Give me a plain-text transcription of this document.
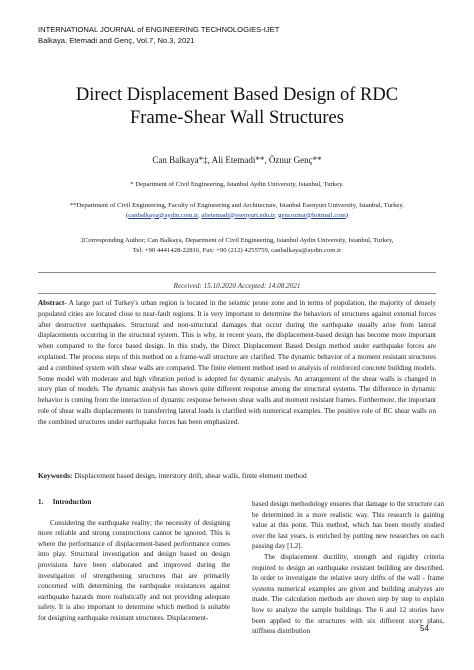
INTERNATIONAL JOURNAL of ENGINEERING TECHNOLOGIES-IJET
Balkaya, Etemadi and Genç, Vol.7, No.3, 2021
Direct Displacement Based Design of RDC
Frame-Shear Wall Structures
Can Balkaya*‡, Ali Etemadi**, Öznur Genç**
* Department of Civil Engineering, Istanbul Aydin University, Istanbul, Turkey.
**Department of Civil Engineering, Faculty of Engineering and Architecture, Istanbul Esenyurt University, Istanbul, Turkey.
(canbalkaya@aydin.com.tr, alietemadi@esenyurt.edu.tr, gencoznur@hotmail.com)
‡Corresponding Author; Can Balkaya, Department of Civil Engineering, Istanbul Aydin University, Istanbul, Turkey,
Tel: +90 4441428-22816, Fax: +90 (212) 4255759, canbalkaya@aydin.com.tr
Received: 15.10.2020 Accepted: 14.08.2021
Abstract- A large part of Turkey's urban region is located in the seismic prone zone and in terms of population, the majority of densely populated cities are located close to near-fault regions. It is very important to determine the behaviors of structures against external forces after destructive earthquakes. Structural and non-structural damages that occur during the earthquake usually arise from lateral displacements occurring in the structural system. This is why, in recent years, the displacement-based design has become more important when compared to the force based design. In this study, the Direct Displacement Based Design method under earthquake forces are explained. The process steps of this method on a frame-wall structure are clarified. The dynamic behavior of a moment resistant structures and a combined system with shear walls are compared. The finite element method used to analysis of reinforced concrete building models. Some model with moderate and high vibration period is adopted for dynamic analysis. An arrangement of the shear walls is changed in story plan of models. The dynamic analysis has shown quite different response among the structural systems. The difference in dynamic behavior is coming from the interaction of dynamic response between shear walls and moment resistant frames. Furthermore, the important role of shear walls displacements in transferring lateral loads is clarified with numerical examples. The positive role of RC shear walls on the combined structures under earthquake forces has been emphasized.
Keywords: Displacement based design, interstory drift, shear walls, finite element method
1. Introduction

Considering the earthquake reality; the necessity of designing more reliable and strong constructions cannot be ignored. This is where the performance of displacement-based performance comes into play. Structural investigation and design based on design provisions have been elaborated and improved during the investigation of strengthening structures that are primarily concerned with determining the earthquake resistances against earthquake hazards more realistically and not providing adequate safety. It is also important to determine which method is suitable for designing earthquake resistant structures. Displacement-

based design methodology ensures that damage to the structure can be determined in a more realistic way. This research is gaining value at this point. This method, which has been mostly studied over the last years, is enriched by putting new researches on each passing day [1,2].

The displacement ductility, strength and rigidity criteria required to design an earthquake resistant building are described. In order to investigate the relative story drifts of the wall - frame systems numerical examples are given and building analyzes are made. The calculation methods are shown step by step to explain how to analyze the sample buildings. The 6 and 12 stories have been applied to the structures with six different story plans, stiffness distribution	54
